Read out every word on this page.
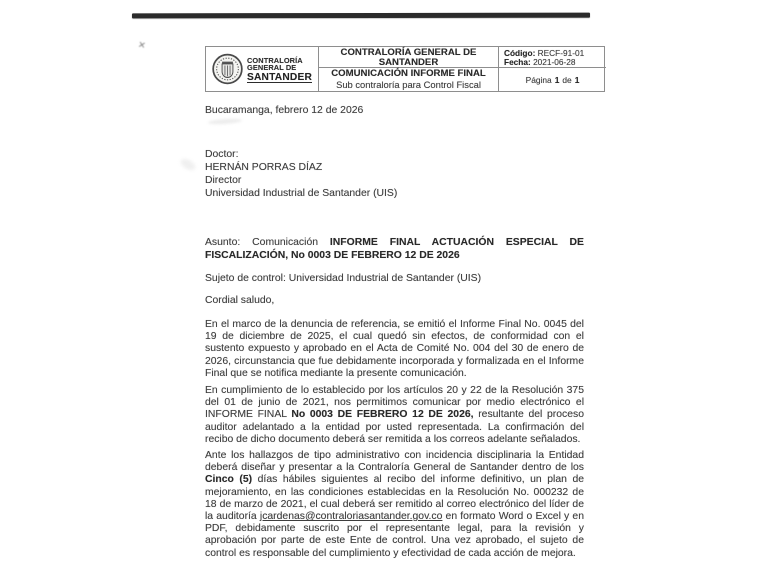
✕
CONTRALORÍA
GENERAL DE
SANTANDER
CONTRALORÍA GENERAL DE SANTANDER
COMUNICACIÓN INFORME FINAL
Sub contraloría para Control Fiscal
Código: RECF-91-01
Fecha: 2021-06-28
Página 1 de 1
Bucaramanga, febrero 12 de 2026
Doctor:
HERNÁN PORRAS DÍAZ
Director
Universidad Industrial de Santander (UIS)
Asunto: Comunicación INFORME FINAL ACTUACIÓN ESPECIAL DE FISCALIZACIÓN, No 0003 DE FEBRERO 12 DE 2026
Sujeto de control: Universidad Industrial de Santander (UIS)
Cordial saludo,
En el marco de la denuncia de referencia, se emitió el Informe Final No. 0045 del 19 de diciembre de 2025, el cual quedó sin efectos, de conformidad con el sustento expuesto y aprobado en el Acta de Comité No. 004 del 30 de enero de 2026, circunstancia que fue debidamente incorporada y formalizada en el Informe Final que se notifica mediante la presente comunicación.
En cumplimiento de lo establecido por los artículos 20 y 22 de la Resolución 375 del 01 de junio de 2021, nos permitimos comunicar por medio electrónico el INFORME FINAL No 0003 DE FEBRERO 12 DE 2026, resultante del proceso auditor adelantado a la entidad por usted representada. La confirmación del recibo de dicho documento deberá ser remitida a los correos adelante señalados.
Ante los hallazgos de tipo administrativo con incidencia disciplinaria la Entidad deberá diseñar y presentar a la Contraloría General de Santander dentro de los Cinco (5) días hábiles siguientes al recibo del informe definitivo, un plan de mejoramiento, en las condiciones establecidas en la Resolución No. 000232 de 18 de marzo de 2021, el cual deberá ser remitido al correo electrónico del líder de la auditoría jcardenas@contraloriasantander.gov.co en formato Word o Excel y en PDF, debidamente suscrito por el representante legal, para la revisión y aprobación por parte de este Ente de control. Una vez aprobado, el sujeto de control es responsable del cumplimiento y efectividad de cada acción de mejora.
